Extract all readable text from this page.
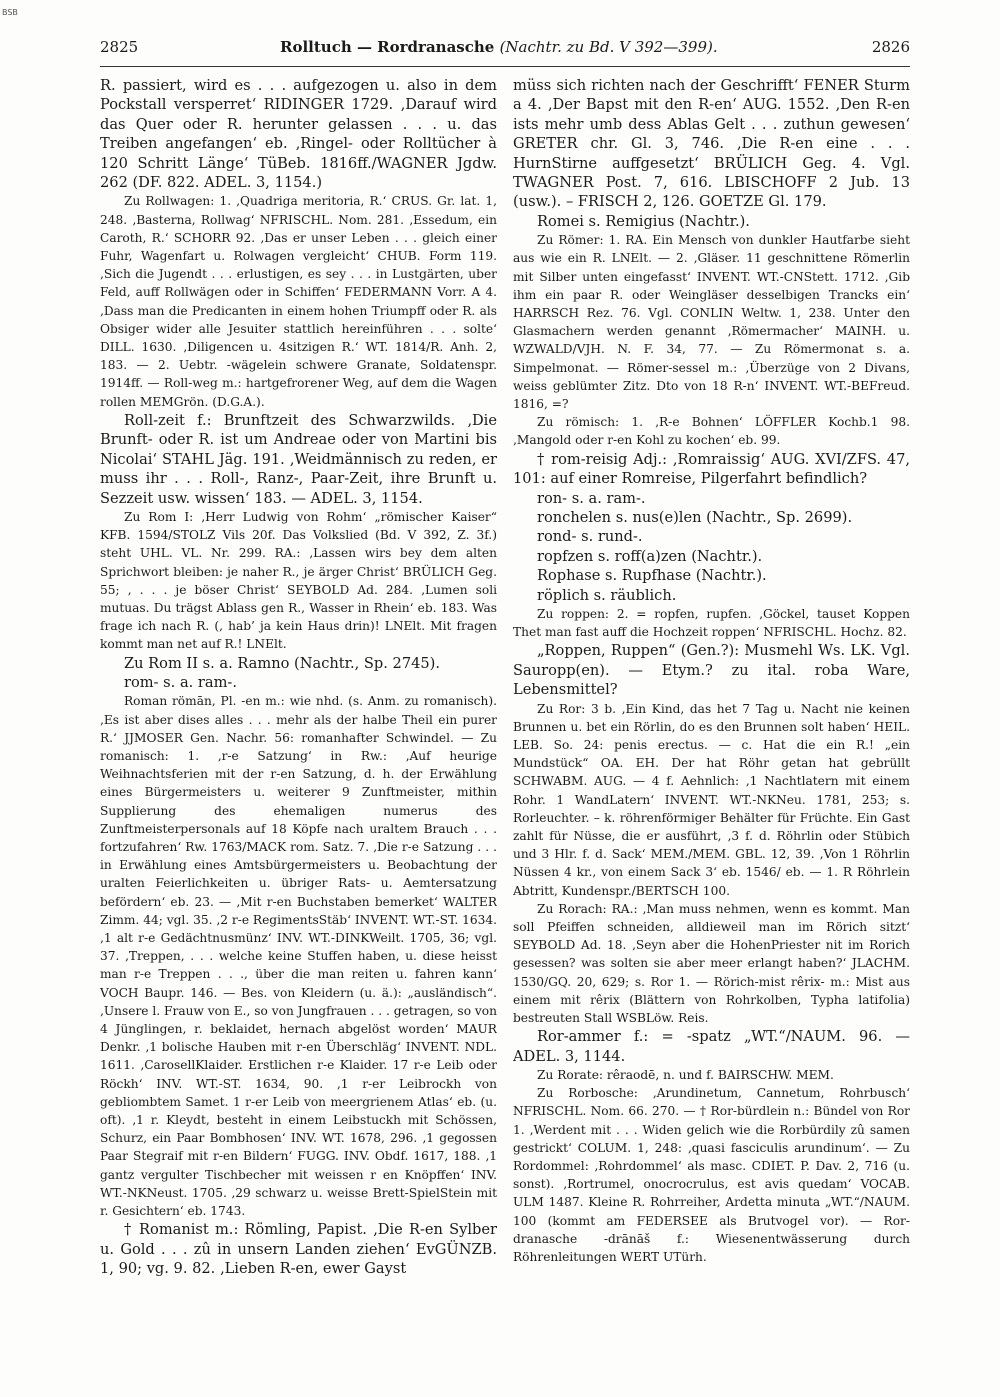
BSB
2825	Rolltuch — Rordranasche (Nachtr. zu Bd. V 392—399).	2826

R. passiert, wird es . . . aufgezogen u. also in dem Pockstall versperret‘ RIDINGER 1729. ‚Darauf wird das Quer oder R. herunter gelassen . . . u. das Treiben angefangen‘ eb. ‚Ringel- oder Rolltücher à 120 Schritt Länge‘ TüBeb. 1816ff./WAGNER Jgdw. 262 (DF. 822. ADEL. 3, 1154.)

Zu Rollwagen: 1. ‚Quadriga meritoria, R.‘ CRUS. Gr. lat. 1, 248. ‚Basterna, Rollwag‘ NFRISCHL. Nom. 281. ‚Essedum, ein Caroth, R.‘ SCHORR 92. ‚Das er unser Leben . . . gleich einer Fuhr, Wagenfart u. Rolwagen vergleicht‘ CHUB. Form 119. ‚Sich die Jugendt . . . erlustigen, es sey . . . in Lustgärten, uber Feld, auff Rollwägen oder in Schiffen‘ FEDERMANN Vorr. A 4. ‚Dass man die Predicanten in einem hohen Triumpff oder R. als Obsiger wider alle Jesuiter stattlich hereinführen . . . solte‘ DILL. 1630. ‚Diligencen u. 4sitzigen R.‘ WT. 1814/R. Anh. 2, 183. — 2. Uebtr. -wägelein schwere Granate, Soldatenspr. 1914ff. — Roll-weg m.: hartgefrorener Weg, auf dem die Wagen rollen MEMGrön. (D.G.A.).

Roll-zeit f.: Brunftzeit des Schwarzwilds. ‚Die Brunft- oder R. ist um Andreae oder von Martini bis Nicolai‘ STAHL Jäg. 191. ‚Weidmännisch zu reden, er muss ihr . . . Roll-, Ranz-, Paar-Zeit, ihre Brunft u. Sezzeit usw. wissen‘ 183. — ADEL. 3, 1154.

Zu Rom I: ‚Herr Ludwig von Rohm‘ „römischer Kaiser“ KFB. 1594/STOLZ Vils 20f. Das Volkslied (Bd. V 392, Z. 3f.) steht UHL. VL. Nr. 299. RA.: ‚Lassen wirs bey dem alten Sprichwort bleiben: je naher R., je ärger Christ‘ BRÜLICH Geg. 55; ‚ . . . je böser Christ‘ SEYBOLD Ad. 284. ‚Lumen soli mutuas. Du trägst Ablass gen R., Wasser in Rhein‘ eb. 183. Was frage ich nach R. (, hab’ ja kein Haus drin)! LNElt. Mit fragen kommt man net auf R.! LNElt.

Zu Rom II s. a. Ramno (Nachtr., Sp. 2745).

rom- s. a. ram-.

Roman römān, Pl. -en m.: wie nhd. (s. Anm. zu romanisch). ‚Es ist aber dises alles . . . mehr als der halbe Theil ein purer R.‘ JJMOSER Gen. Nachr. 56: romanhafter Schwindel. — Zu romanisch: 1. ‚r-e Satzung‘ in Rw.: ‚Auf heurige Weihnachtsferien mit der r-en Satzung, d. h. der Erwählung eines Bürgermeisters u. weiterer 9 Zunftmeister, mithin Supplierung des ehemaligen numerus des Zunftmeisterpersonals auf 18 Köpfe nach uraltem Brauch . . . fortzufahren‘ Rw. 1763/MACK rom. Satz. 7. ‚Die r-e Satzung . . . in Erwählung eines Amtsbürgermeisters u. Beobachtung der uralten Feierlichkeiten u. übriger Rats- u. Aemtersatzung befördern‘ eb. 23. — ‚Mit r-en Buchstaben bemerket‘ WALTER Zimm. 44; vgl. 35. ‚2 r-e RegimentsStäb‘ INVENT. WT.-ST. 1634. ‚1 alt r-e Gedächtnusmünz‘ INV. WT.-DINKWeilt. 1705, 36; vgl. 37. ‚Treppen, . . . welche keine Stuffen haben, u. diese heisst man r-e Treppen . . ., über die man reiten u. fahren kann‘ VOCH Baupr. 146. — Bes. von Kleidern (u. ä.): „ausländisch“. ‚Unsere l. Frauw von E., so von Jungfrauen . . . getragen, so von 4 Jünglingen, r. beklaidet, hernach abgelöst worden‘ MAUR Denkr. ‚1 bolische Hauben mit r-en Überschläg‘ INVENT. NDL. 1611. ‚CarosellKlaider. Erstlichen r-e Klaider. 17 r-e Leib oder Röckh‘ INV. WT.-ST. 1634, 90. ‚1 r-er Leibrockh von gebliombtem Samet. 1 r-er Leib von meergrienem Atlas‘ eb. (u. oft). ‚1 r. Kleydt, besteht in einem Leibstuckh mit Schössen, Schurz, ein Paar Bombhosen‘ INV. WT. 1678, 296. ‚1 gegossen Paar Stegraif mit r-en Bildern‘ FUGG. INV. Obdf. 1617, 188. ‚1 gantz vergulter Tischbecher mit weissen r en Knöpffen‘ INV. WT.-NKNeust. 1705. ‚29 schwarz u. weisse Brett-SpielStein mit r. Gesichtern‘ eb. 1743.

† Romanist m.: Römling, Papist. ‚Die R-en Sylber u. Gold . . . zû in unsern Landen ziehen‘ EvGÜNZB. 1, 90; vg. 9. 82. ‚Lieben R-en, ewer Gayst

müss sich richten nach der Geschrifft‘ FENER Sturm a 4. ‚Der Bapst mit den R-en‘ AUG. 1552. ‚Den R-en ists mehr umb dess Ablas Gelt . . . zuthun gewesen‘ GRETER chr. Gl. 3, 746. ‚Die R-en eine . . . HurnStirne auffgesetzt‘ BRÜLICH Geg. 4. Vgl. TWAGNER Post. 7, 616. LBISCHOFF 2 Jub. 13 (usw.). – FRISCH 2, 126. GOETZE Gl. 179.

Romei s. Remigius (Nachtr.).

Zu Römer: 1. RA. Ein Mensch von dunkler Hautfarbe sieht aus wie ein R. LNElt. — 2. ‚Gläser. 11 geschnittene Römerlin mit Silber unten eingefasst‘ INVENT. WT.-CNStett. 1712. ‚Gib ihm ein paar R. oder Weingläser desselbigen Trancks ein‘ HARRSCH Rez. 76. Vgl. CONLIN Weltw. 1, 238. Unter den Glasmachern werden genannt ‚Römermacher‘ MAINH. u. WZWALD/VJH. N. F. 34, 77. — Zu Römermonat s. a. Simpelmonat. — Römer-sessel m.: ‚Überzüge von 2 Divans, weiss geblümter Zitz. Dto von 18 R-n‘ INVENT. WT.-BEFreud. 1816, =?

Zu römisch: 1. ‚R-e Bohnen‘ LÖFFLER Kochb.1 98. ‚Mangold oder r-en Kohl zu kochen‘ eb. 99.

† rom-reisig Adj.: ‚Romraissig‘ AUG. XVI/ZFS. 47, 101: auf einer Romreise, Pilgerfahrt befindlich?

ron- s. a. ram-.

ronchelen s. nus(e)len (Nachtr., Sp. 2699).

rond- s. rund-.

ropfzen s. roff(a)zen (Nachtr.).

Rophase s. Rupfhase (Nachtr.).

röplich s. räublich.

Zu roppen: 2. = ropfen, rupfen. ‚Göckel, tauset Koppen Thet man fast auff die Hochzeit roppen‘ NFRISCHL. Hochz. 82.

„Roppen, Ruppen“ (Gen.?): Musmehl Ws. LK. Vgl. Sauropp(en). — Etym.? zu ital. roba Ware, Lebensmittel?

Zu Ror: 3 b. ‚Ein Kind, das het 7 Tag u. Nacht nie keinen Brunnen u. bet ein Rörlin, do es den Brunnen solt haben‘ HEIL. LEB. So. 24: penis erectus. — c. Hat die ein R.! „ein Mundstück“ OA. EH. Der hat Röhr getan hat gebrüllt SCHWABM. AUG. — 4 f. Aehnlich: ‚1 Nachtlatern mit einem Rohr. 1 WandLatern‘ INVENT. WT.-NKNeu. 1781, 253; s. Rorleuchter. – k. röhrenförmiger Behälter für Früchte. Ein Gast zahlt für Nüsse, die er ausführt, ‚3 f. d. Röhrlin oder Stübich und 3 Hlr. f. d. Sack‘ MEM./MEM. GBL. 12, 39. ‚Von 1 Röhrlin Nüssen 4 kr., von einem Sack 3‘ eb. 1546/ eb. — 1. R Röhrlein Abtritt, Kundenspr./BERTSCH 100.

Zu Rorach: RA.: ‚Man muss nehmen, wenn es kommt. Man soll Pfeiffen schneiden, alldieweil man im Rörich sitzt‘ SEYBOLD Ad. 18. ‚Seyn aber die HohenPriester nit im Rorich gesessen? was solten sie aber meer erlangt haben?‘ JLACHM. 1530/GQ. 20, 629; s. Ror 1. — Rörich-mist rêrix- m.: Mist aus einem mit rêrix (Blättern von Rohrkolben, Typha latifolia) bestreuten Stall WSBLöw. Reis.

Ror-ammer f.: = -spatz „WT.“/NAUM. 96. — ADEL. 3, 1144.

Zu Rorate: rêraodē, n. und f. BAIRSCHW. MEM.

Zu Rorbosche: ‚Arundinetum, Cannetum, Rohrbusch‘ NFRISCHL. Nom. 66. 270. — † Ror-bürdlein n.: Bündel von Ror 1. ‚Werdent mit . . . Widen gelich wie die Rorbürdily zû samen gestrickt‘ COLUM. 1, 248: ‚quasi fasciculis arundinum‘. — Zu Rordommel: ‚Rohrdommel‘ als masc. CDIET. P. Dav. 2, 716 (u. sonst). ‚Rortrumel, onocrocrulus, est avis quedam‘ VOCAB. ULM 1487. Kleine R. Rohrreiher, Ardetta minuta „WT.“/NAUM. 100 (kommt am FEDERSEE als Brutvogel vor). — Ror-dranasche -drānāš f.: Wiesenentwässerung durch Röhrenleitungen WERT UTürh.
